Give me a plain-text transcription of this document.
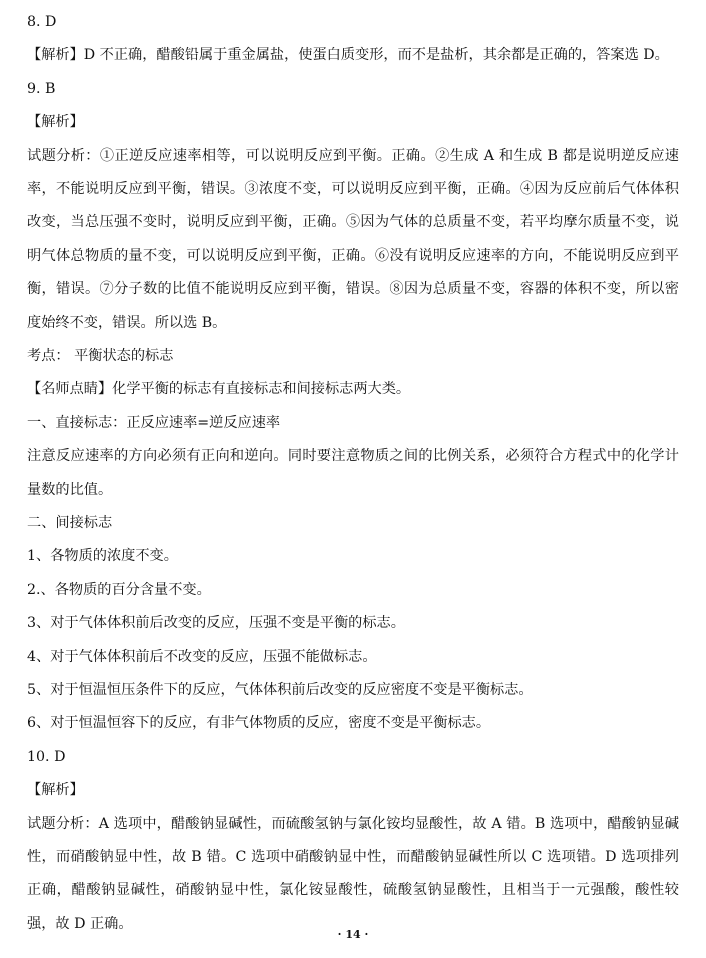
8. D
【解析】D 不正确，醋酸铅属于重金属盐，使蛋白质变形，而不是盐析，其余都是正确的，答案选 D。
9. B
【解析】
试题分析：①正逆反应速率相等，可以说明反应到平衡。正确。②生成 A 和生成 B 都是说明逆反应速率，不能说明反应到平衡，错误。③浓度不变，可以说明反应到平衡，正确。④因为反应前后气体体积改变，当总压强不变时，说明反应到平衡，正确。⑤因为气体的总质量不变，若平均摩尔质量不变，说明气体总物质的量不变，可以说明反应到平衡，正确。⑥没有说明反应速率的方向，不能说明反应到平衡，错误。⑦分子数的比值不能说明反应到平衡，错误。⑧因为总质量不变，容器的体积不变，所以密度始终不变，错误。所以选 B。
考点： 平衡状态的标志
【名师点睛】化学平衡的标志有直接标志和间接标志两大类。
一、直接标志：正反应速率=逆反应速率
注意反应速率的方向必须有正向和逆向。同时要注意物质之间的比例关系，必须符合方程式中的化学计量数的比值。
二、间接标志
1、各物质的浓度不变。
2.、各物质的百分含量不变。
3、对于气体体积前后改变的反应，压强不变是平衡的标志。
4、对于气体体积前后不改变的反应，压强不能做标志。
5、对于恒温恒压条件下的反应，气体体积前后改变的反应密度不变是平衡标志。
6、对于恒温恒容下的反应，有非气体物质的反应，密度不变是平衡标志。
10. D
【解析】
试题分析：A 选项中，醋酸钠显碱性，而硫酸氢钠与氯化铵均显酸性，故 A 错。B 选项中，醋酸钠显碱性，而硝酸钠显中性，故 B 错。C 选项中硝酸钠显中性，而醋酸钠显碱性所以 C 选项错。D 选项排列正确，醋酸钠显碱性，硝酸钠显中性，氯化铵显酸性，硫酸氢钠显酸性，且相当于一元强酸，酸性较强，故 D 正确。
· 14 ·
